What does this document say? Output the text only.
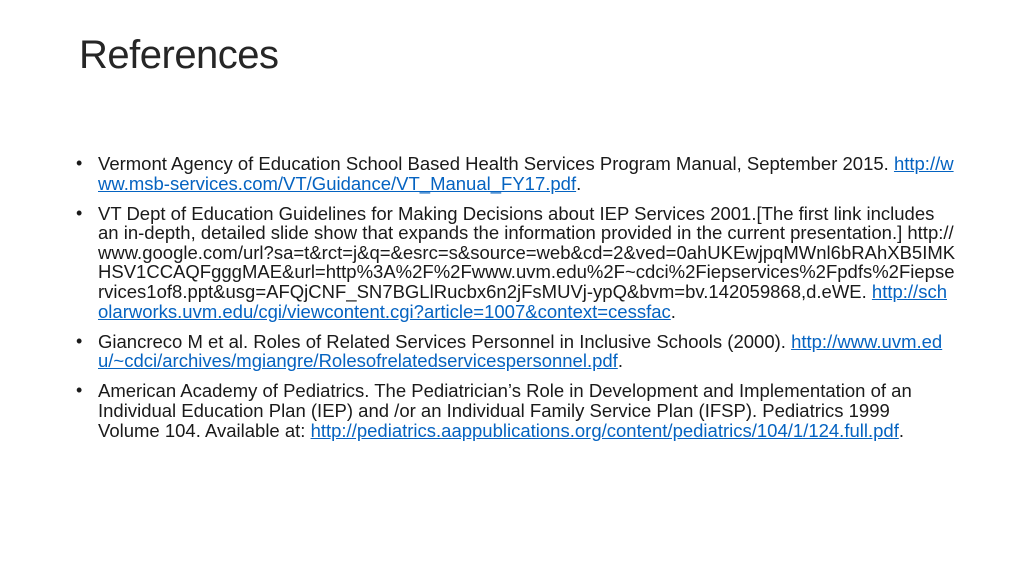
References
• Vermont Agency of Education School Based Health Services Program Manual, September 2015. http://www.msb-services.com/VT/Guidance/VT_Manual_FY17.pdf.
• VT Dept of Education Guidelines for Making Decisions about IEP Services 2001.[The first link includes an in-depth, detailed slide show that expands the information provided in the current presentation.] http://www.google.com/url?sa=t&rct=j&q=&esrc=s&source=web&cd=2&ved=0ahUKEwjpqMWnl6bRAhXB5IMKHSV1CCAQFgggMAE&url=http%3A%2F%2Fwww.uvm.edu%2F~cdci%2Fiepservices%2Fpdfs%2Fiepservices1of8.ppt&usg=AFQjCNF_SN7BGLlRucbx6n2jFsMUVj-ypQ&bvm=bv.142059868,d.eWE. http://scholarworks.uvm.edu/cgi/viewcontent.cgi?article=1007&context=cessfac.
• Giancreco M et al. Roles of Related Services Personnel in Inclusive Schools (2000). http://www.uvm.edu/~cdci/archives/mgiangre/Rolesofrelatedservicespersonnel.pdf.
• American Academy of Pediatrics. The Pediatrician’s Role in Development and Implementation of an Individual Education Plan (IEP) and /or an Individual Family Service Plan (IFSP). Pediatrics 1999 Volume 104. Available at: http://pediatrics.aappublications.org/content/pediatrics/104/1/124.full.pdf.
